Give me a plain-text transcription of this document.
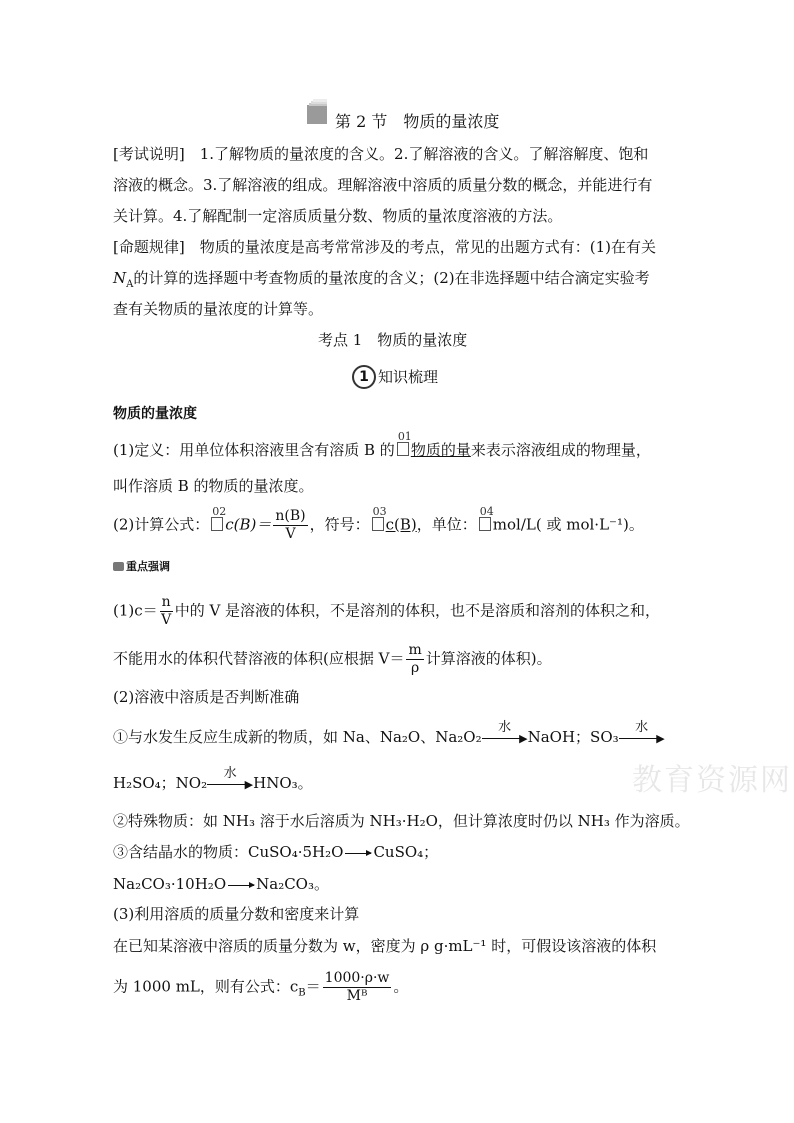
第 2 节　物质的量浓度
[考试说明]　 1.了解物质的量浓度的含义。2.了解溶液的含义。了解溶解度、饱和
溶液的概念。3.了解溶液的组成。理解溶液中溶质的质量分数的概念，并能进行有
关计算。4.了解配制一定溶质质量分数、物质的量浓度溶液的方法。
[命题规律]　 物质的量浓度是高考常常涉及的考点，常见的出题方式有：(1)在有关
$N_A$的计算的选择题中考查物质的量浓度的含义；(2)在非选择题中结合滴定实验考
查有关物质的量浓度的计算等。
考点 1　物质的量浓度
1 知识梳理
物质的量浓度
(1)定义：用单位体积溶液里含有溶质 B 的
01
物质的量来表示溶液组成的物理量，
叫作溶质 B 的物质的量浓度。
(2)计算公式：
02
$c(B)= \frac{n(B)}{V}$ ，符号：
03
c(B)，单位：
04
mol/L( 或 mol·L⁻¹)。
重点强调
$(1)c= \frac{n}{V}$ 中的 V 是溶液的体积，不是溶剂的体积，也不是溶质和溶剂的体积之和，
不能用水的体积代替溶液的体积(应根据 $V= \frac{m}{\rho}$ 计算溶液的体积)。
(2)溶液中溶质是否判断准确
①与水发生反应生成新的物质，如 Na、Na₂O、Na₂O₂
水
▶ NaOH；SO₃
水
▶
H₂SO₄；NO₂
水
▶ HNO₃。
②特殊物质：如 NH₃ 溶于水后溶质为 NH₃·H₂O，但计算浓度时仍以 NH₃ 作为溶质。
③含结晶水的物质：CuSO₄·5H₂O CuSO₄；
Na₂CO₃·10H₂O Na₂CO₃。
(3)利用溶质的质量分数和密度来计算
在已知某溶液中溶质的质量分数为 w，密度为 ρ g·mL⁻¹ 时，可假设该溶液的体积
为 1000 mL，则有公式：$c_B= \frac{1000\cdot\rho\cdot w}{\text{Mᴮ}}$ 。
教育资源网
